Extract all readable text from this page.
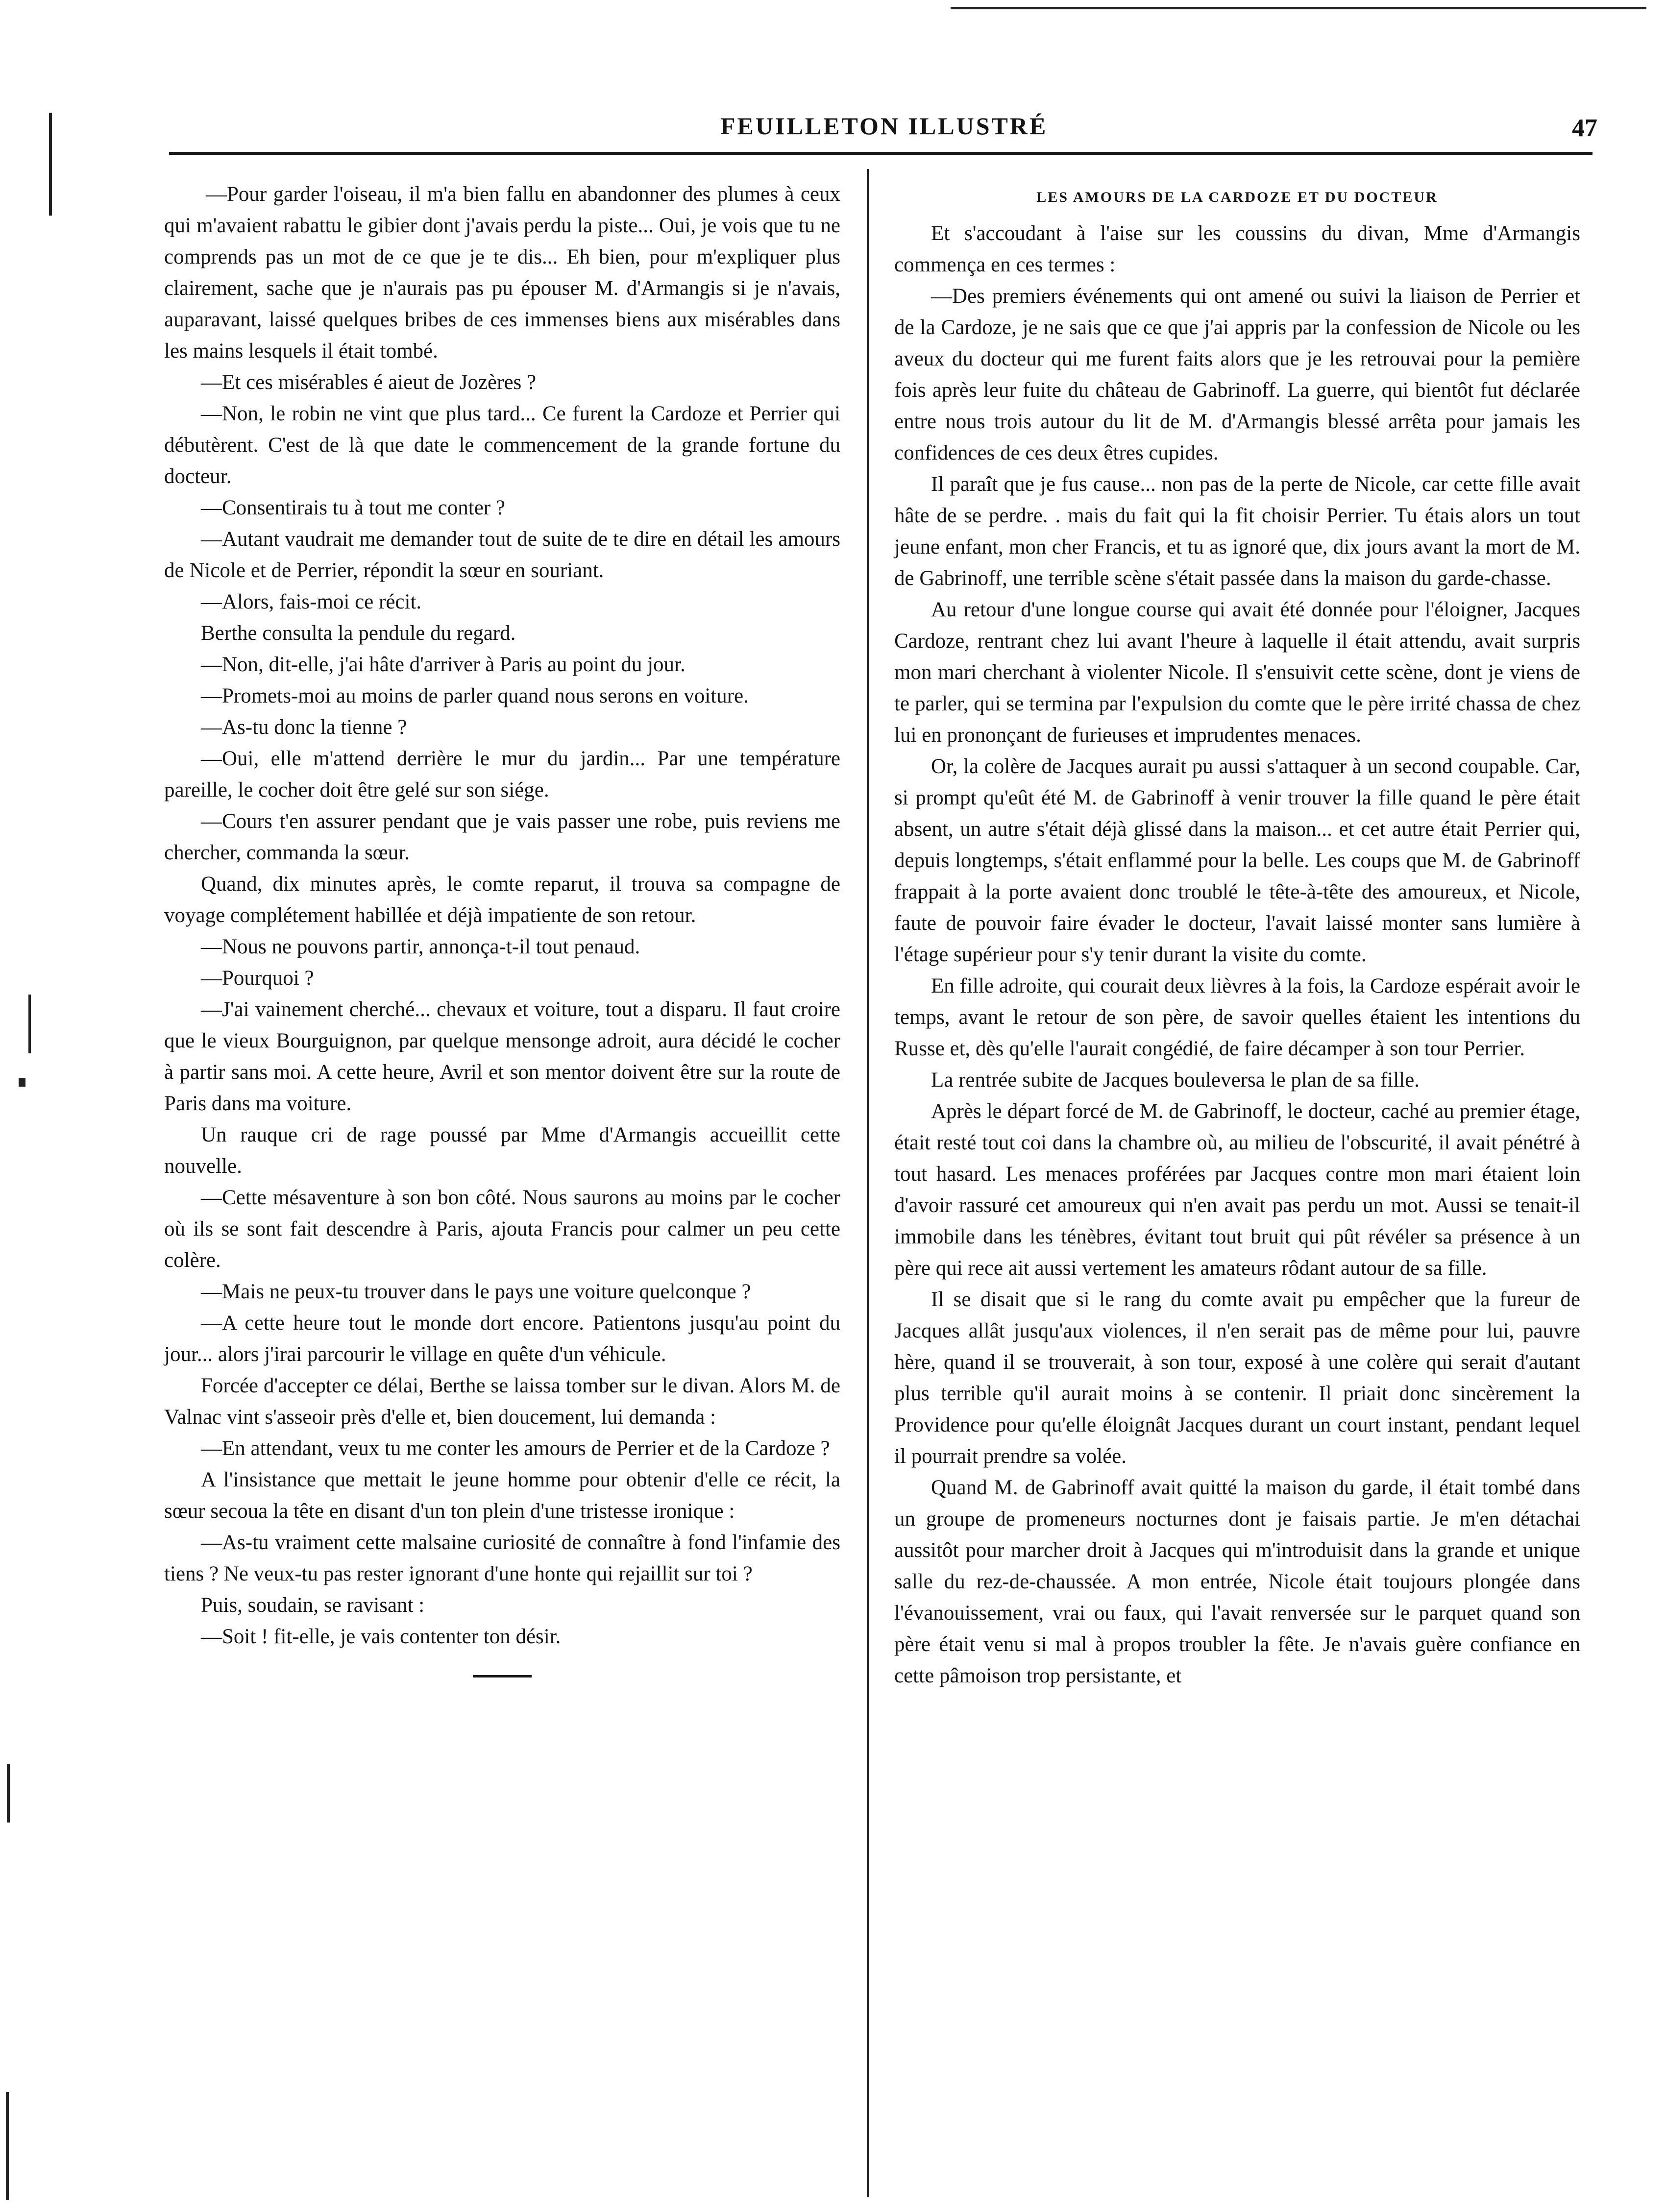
FEUILLETON ILLUSTRÉ	47

—Pour garder l'oiseau, il m'a bien fallu en abandonner des plumes à ceux qui m'avaient rabattu le gibier dont j'avais perdu la piste... Oui, je vois que tu ne comprends pas un mot de ce que je te dis... Eh bien, pour m'expliquer plus clairement, sache que je n'aurais pas pu épouser M. d'Armangis si je n'avais, auparavant, laissé quelques bribes de ces immenses biens aux misérables dans les mains lesquels il était tombé.

—Et ces misérables é aieut de Jozères ?

—Non, le robin ne vint que plus tard... Ce furent la Cardoze et Perrier qui débutèrent. C'est de là que date le commencement de la grande fortune du docteur.

—Consentirais tu à tout me conter ?

—Autant vaudrait me demander tout de suite de te dire en détail les amours de Nicole et de Perrier, répondit la sœur en souriant.

—Alors, fais-moi ce récit.

Berthe consulta la pendule du regard.

—Non, dit-elle, j'ai hâte d'arriver à Paris au point du jour.

—Promets-moi au moins de parler quand nous serons en voiture.

—As-tu donc la tienne ?

—Oui, elle m'attend derrière le mur du jardin... Par une température pareille, le cocher doit être gelé sur son siége.

—Cours t'en assurer pendant que je vais passer une robe, puis reviens me chercher, commanda la sœur.

Quand, dix minutes après, le comte reparut, il trouva sa compagne de voyage complétement habillée et déjà impatiente de son retour.

—Nous ne pouvons partir, annonça-t-il tout penaud.

—Pourquoi ?

—J'ai vainement cherché... chevaux et voiture, tout a disparu. Il faut croire que le vieux Bourguignon, par quelque mensonge adroit, aura décidé le cocher à partir sans moi. A cette heure, Avril et son mentor doivent être sur la route de Paris dans ma voiture.

Un rauque cri de rage poussé par Mme d'Armangis accueillit cette nouvelle.

—Cette mésaventure à son bon côté. Nous saurons au moins par le cocher où ils se sont fait descendre à Paris, ajouta Francis pour calmer un peu cette colère.

—Mais ne peux-tu trouver dans le pays une voiture quelconque ?

—A cette heure tout le monde dort encore. Patientons jusqu'au point du jour... alors j'irai parcourir le village en quête d'un véhicule.

Forcée d'accepter ce délai, Berthe se laissa tomber sur le divan. Alors M. de Valnac vint s'asseoir près d'elle et, bien doucement, lui demanda :

—En attendant, veux tu me conter les amours de Perrier et de la Cardoze ?

A l'insistance que mettait le jeune homme pour obtenir d'elle ce récit, la sœur secoua la tête en disant d'un ton plein d'une tristesse ironique :

—As-tu vraiment cette malsaine curiosité de connaître à fond l'infamie des tiens ? Ne veux-tu pas rester ignorant d'une honte qui rejaillit sur toi ?

Puis, soudain, se ravisant :

—Soit ! fit-elle, je vais contenter ton désir.

LES AMOURS DE LA CARDOZE ET DU DOCTEUR

Et s'accoudant à l'aise sur les coussins du divan, Mme d'Armangis commença en ces termes :

—Des premiers événements qui ont amené ou suivi la liaison de Perrier et de la Cardoze, je ne sais que ce que j'ai appris par la confession de Nicole ou les aveux du docteur qui me furent faits alors que je les retrouvai pour la pemière fois après leur fuite du château de Gabrinoff. La guerre, qui bientôt fut déclarée entre nous trois autour du lit de M. d'Armangis blessé arrêta pour jamais les confidences de ces deux êtres cupides.

Il paraît que je fus cause... non pas de la perte de Nicole, car cette fille avait hâte de se perdre. . mais du fait qui la fit choisir Perrier. Tu étais alors un tout jeune enfant, mon cher Francis, et tu as ignoré que, dix jours avant la mort de M. de Gabrinoff, une terrible scène s'était passée dans la maison du garde-chasse.

Au retour d'une longue course qui avait été donnée pour l'éloigner, Jacques Cardoze, rentrant chez lui avant l'heure à laquelle il était attendu, avait surpris mon mari cherchant à violenter Nicole. Il s'ensuivit cette scène, dont je viens de te parler, qui se termina par l'expulsion du comte que le père irrité chassa de chez lui en prononçant de furieuses et imprudentes menaces.

Or, la colère de Jacques aurait pu aussi s'attaquer à un second coupable. Car, si prompt qu'eût été M. de Gabrinoff à venir trouver la fille quand le père était absent, un autre s'était déjà glissé dans la maison... et cet autre était Perrier qui, depuis longtemps, s'était enflammé pour la belle. Les coups que M. de Gabrinoff frappait à la porte avaient donc troublé le tête-à-tête des amoureux, et Nicole, faute de pouvoir faire évader le docteur, l'avait laissé monter sans lumière à l'étage supérieur pour s'y tenir durant la visite du comte.

En fille adroite, qui courait deux lièvres à la fois, la Cardoze espérait avoir le temps, avant le retour de son père, de savoir quelles étaient les intentions du Russe et, dès qu'elle l'aurait congédié, de faire décamper à son tour Perrier.

La rentrée subite de Jacques bouleversa le plan de sa fille.

Après le départ forcé de M. de Gabrinoff, le docteur, caché au premier étage, était resté tout coi dans la chambre où, au milieu de l'obscurité, il avait pénétré à tout hasard. Les menaces proférées par Jacques contre mon mari étaient loin d'avoir rassuré cet amoureux qui n'en avait pas perdu un mot. Aussi se tenait-il immobile dans les ténèbres, évitant tout bruit qui pût révéler sa présence à un père qui rece ait aussi vertement les amateurs rôdant autour de sa fille.

Il se disait que si le rang du comte avait pu empêcher que la fureur de Jacques allât jusqu'aux violences, il n'en serait pas de même pour lui, pauvre hère, quand il se trouverait, à son tour, exposé à une colère qui serait d'autant plus terrible qu'il aurait moins à se contenir. Il priait donc sincèrement la Providence pour qu'elle éloignât Jacques durant un court instant, pendant lequel il pourrait prendre sa volée.

Quand M. de Gabrinoff avait quitté la maison du garde, il était tombé dans un groupe de promeneurs nocturnes dont je faisais partie. Je m'en détachai aussitôt pour marcher droit à Jacques qui m'introduisit dans la grande et unique salle du rez-de-chaussée. A mon entrée, Nicole était toujours plongée dans l'évanouissement, vrai ou faux, qui l'avait renversée sur le parquet quand son père était venu si mal à propos troubler la fête. Je n'avais guère confiance en cette pâmoison trop persistante, et
